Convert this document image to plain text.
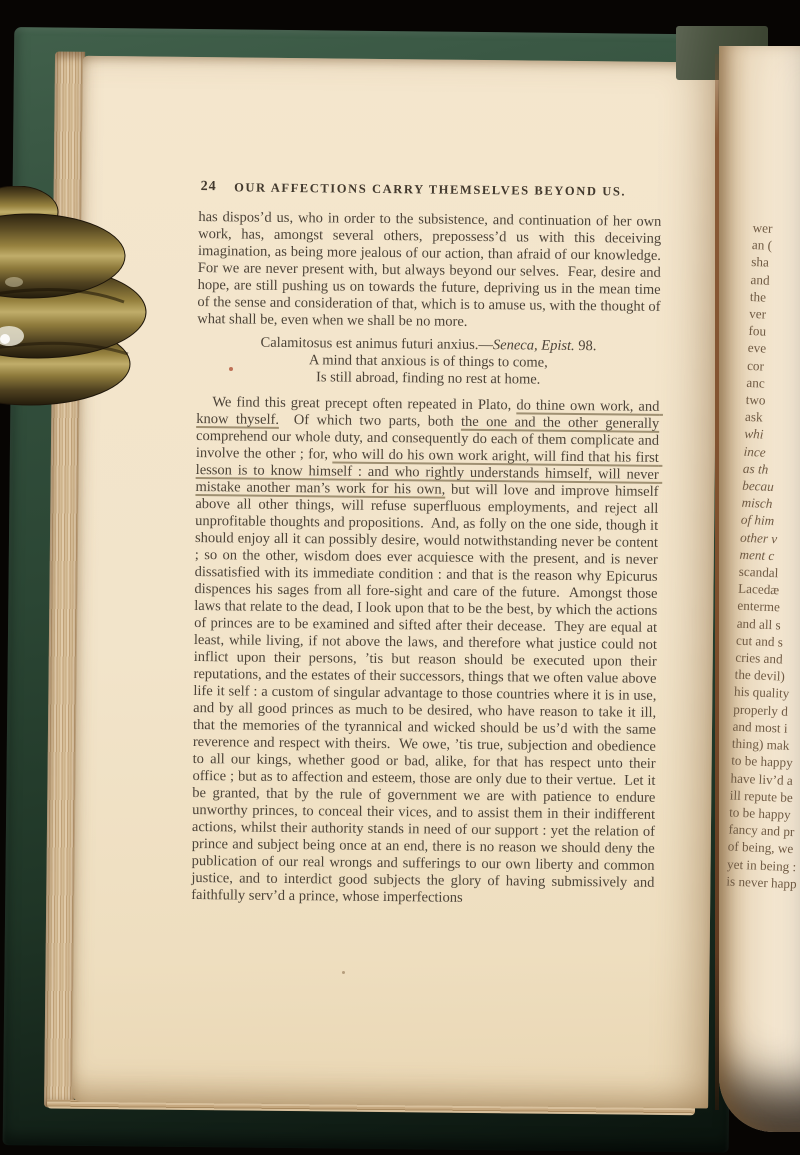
24 OUR AFFECTIONS CARRY THEMSELVES BEYOND US.

has dispos’d us, who in order to the subsistence, and continuation of her own work, has, amongst several others, prepossess’d us with this deceiving imagination, as being more jealous of our action, than afraid of our knowledge.  For we are never present with, but always beyond our selves.  Fear, desire and hope, are still pushing us on towards the future, depriving us in the mean time of the sense and consideration of that, which is to amuse us, with the thought of what shall be, even when we shall be no more.

Calamitosus est animus futuri anxius.—Seneca, Epist. 98.
A mind that anxious is of things to come,
Is still abroad, finding no rest at home.

We find this great precept often repeated in Plato, do thine own work, and know thyself.  Of which two parts, both the one and the other generally comprehend our whole duty, and consequently do each of them complicate and involve the other ; for, who will do his own work aright, will find that his first lesson is to know himself : and who rightly understands himself, will never mistake another man’s work for his own, but will love and improve himself above all other things, will refuse superfluous employments, and reject all unprofitable thoughts and propositions.  And, as folly on the one side, though it should enjoy all it can possibly desire, would notwithstanding never be content ; so on the other, wisdom does ever acquiesce with the present, and is never dissatisfied with its immediate condition : and that is the reason why Epicurus dispences his sages from all fore-sight and care of the future.  Amongst those laws that relate to the dead, I look upon that to be the best, by which the actions of princes are to be examined and sifted after their decease.  They are equal at least, while living, if not above the laws, and therefore what justice could not inflict upon their persons, ’tis but reason should be executed upon their reputations, and the estates of their successors, things that we often value above life it self : a custom of singular advantage to those countries where it is in use, and by all good princes as much to be desired, who have reason to take it ill, that the memories of the tyrannical and wicked should be us’d with the same reverence and respect with theirs.  We owe, ’tis true, subjection and obedience to all our kings, whether good or bad, alike, for that has respect unto their office ; but as to affection and esteem, those are only due to their vertue.  Let it be granted, that by the rule of government we are with patience to endure unworthy princes, to conceal their vices, and to assist them in their indifferent actions, whilst their authority stands in need of our support : yet the relation of prince and subject being once at an end, there is no reason we should deny the publication of our real wrongs and sufferings to our own liberty and common justice, and to interdict good subjects the glory of having submissively and faithfully serv’d a prince, whose imperfections

wer
an (
sha
and
the
ver
fou
eve
cor
anc
two
ask
whi
ince
as th
becau
misch
of him
other v
ment c
scandal
Lacedæ
enterme
and all s
cut and s
cries and
the devil)
his quality
properly d
and most i
thing) mak
to be happy
have liv’d a
ill repute be
to be happy
fancy and pr
of being, we
yet in being :
is never happ
